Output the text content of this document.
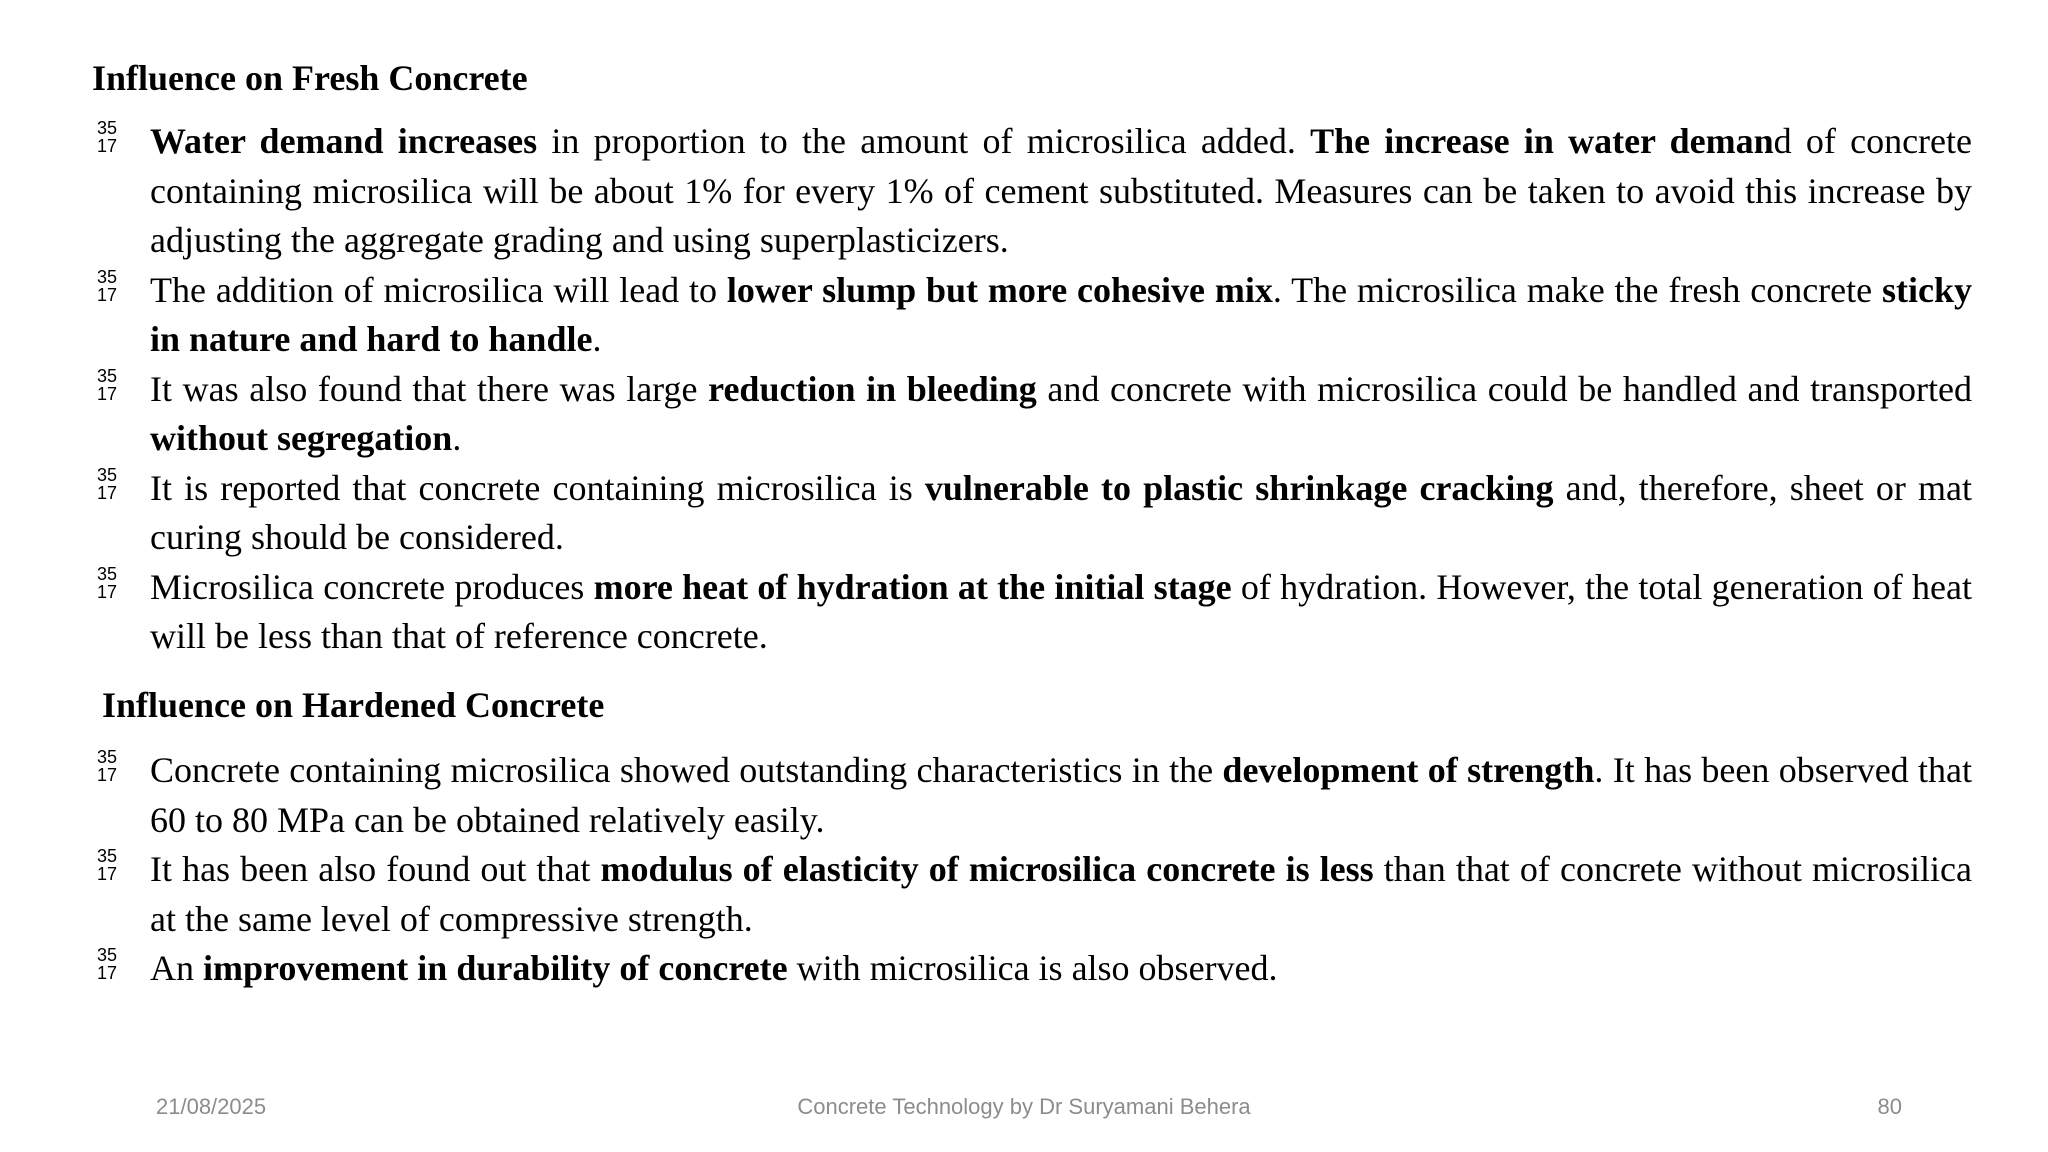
Influence on Fresh Concrete
35
17 Water demand increases in proportion to the amount of microsilica added. The increase in water demand of concrete containing microsilica will be about 1% for every 1% of cement substituted. Measures can be taken to avoid this increase by adjusting the aggregate grading and using superplasticizers.
35
17 The addition of microsilica will lead to lower slump but more cohesive mix. The microsilica make the fresh concrete sticky in nature and hard to handle.
35
17 It was also found that there was large reduction in bleeding and concrete with microsilica could be handled and transported without segregation.
35
17 It is reported that concrete containing microsilica is vulnerable to plastic shrinkage cracking and, therefore, sheet or mat curing should be considered.
35
17 Microsilica concrete produces more heat of hydration at the initial stage of hydration. However, the total generation of heat will be less than that of reference concrete.
Influence on Hardened Concrete
35
17 Concrete containing microsilica showed outstanding characteristics in the development of strength. It has been observed that 60 to 80 MPa can be obtained relatively easily.
35
17 It has been also found out that modulus of elasticity of microsilica concrete is less than that of concrete without microsilica at the same level of compressive strength.
35
17 An improvement in durability of concrete with microsilica is also observed.
21/08/2025	Concrete Technology by Dr Suryamani Behera	80
